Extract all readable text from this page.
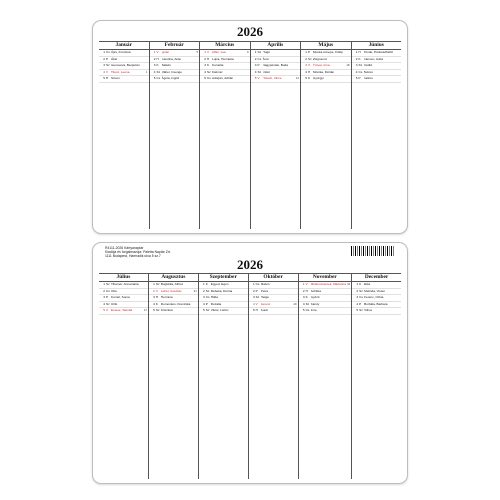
2026
Január
1 Cs Újév, Fruzsina
2 P Ábel
3 Sz Genovéva, Benjámin
4 V Titusz, Leona	1
5 H Simon
Február
1 V Ignác	5
2 H Karolina, Aida
3 K Balázs
4 Sz Ráhel, Csenge
5 Cs Ágota, Ingrid
Március
1 V Albin, Lea	9
2 H Lujza, Henrietta
3 K Kornélia
4 Sz Kázmér
5 Cs Adorján, Adrián
Április
1 Sz Hugó
2 Cs Áron
3 P Nagypéntek, Buda
4 Sz Izidor
5 V Húsvét, Vince	14
Május
1 P Munka ünnepe, Fülöp
2 Sz Zsigmond
3 V Tímea, Irma	18
4 H Mónika, Flórián
5 K Györgyi
Június
1 H Tünde, Pünkösdhétfő
2 K Kármen, Anita
3 Sz Klotild
4 Cs Bulcsú
5 P Fatime
R4111-2026 Kártyanaptár
Kiadója és forgalmazója: Paletta Naptár Zrt.
1111 Budapest, Harmadik utca 5 sz.7
2026
Július
1 Sz Tihamér, Annamária
2 Cs Ottó
3 P Kornél, Soma
4 Sz Ulrik
5 V Emese, Sarolta	27
Augusztus
1 Sz Boglárka, Alfréd
2 V Lehel, Gusztáv	31
3 H Hermina
4 K Domonkos, Dominika
5 Sz Krisztina
Szeptember
1 K Egyed, Egon
2 Sz Rebeka, Dorina
3 Cs Hilda
4 P Rozália
5 Sz Viktor, Lőrinc
Október
1 Cs Malvin
2 P Petra
3 Sz Helga
4 V Ferenc	40
5 H Aurél
November
1 V Mindenszentek, Marianna 44
2 H Achilles
3 K Győző
4 Sz Károly
5 Cs Imre
December
1 K Elza
2 Sz Melinda, Vivien
3 Cs Ferenc, Olívia
4 P Borbála, Barbara
5 Sz Vilma
